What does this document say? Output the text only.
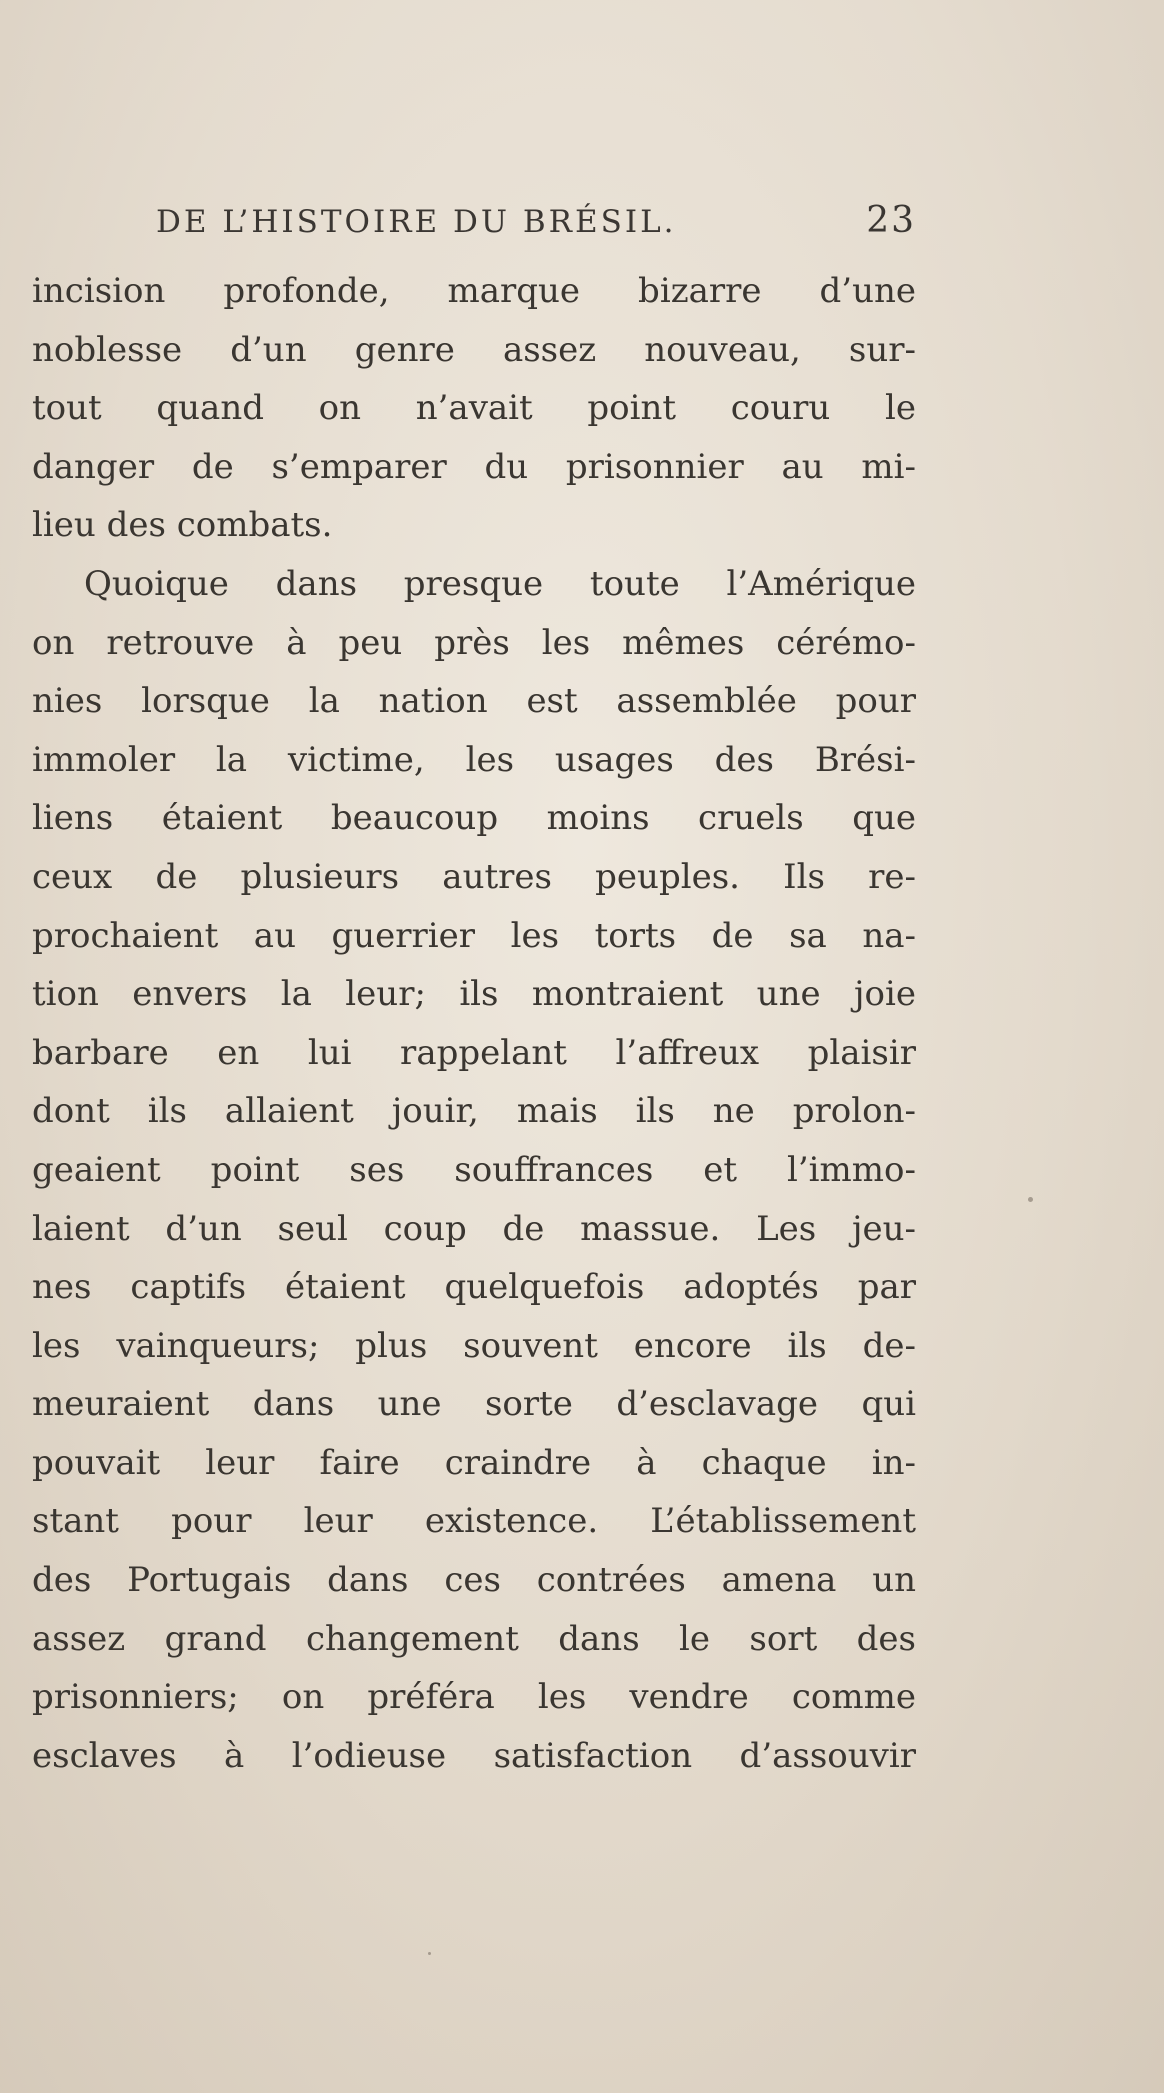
DE L’HISTOIRE DU BRÉSIL.	23
incision profonde, marque bizarre d’une
noblesse d’un genre assez nouveau, sur-
tout quand on n’avait point couru le
danger de s’emparer du prisonnier au mi-
lieu des combats.
Quoique dans presque toute l’Amérique
on retrouve à peu près les mêmes cérémo-
nies lorsque la nation est assemblée pour
immoler la victime, les usages des Brési-
liens étaient beaucoup moins cruels que
ceux de plusieurs autres peuples. Ils re-
prochaient au guerrier les torts de sa na-
tion envers la leur; ils montraient une joie
barbare en lui rappelant l’affreux plaisir
dont ils allaient jouir, mais ils ne prolon-
geaient point ses souffrances et l’immo-
laient d’un seul coup de massue. Les jeu-
nes captifs étaient quelquefois adoptés par
les vainqueurs; plus souvent encore ils de-
meuraient dans une sorte d’esclavage qui
pouvait leur faire craindre à chaque in-
stant pour leur existence. L’établissement
des Portugais dans ces contrées amena un
assez grand changement dans le sort des
prisonniers; on préféra les vendre comme
esclaves à l’odieuse satisfaction d’assouvir
